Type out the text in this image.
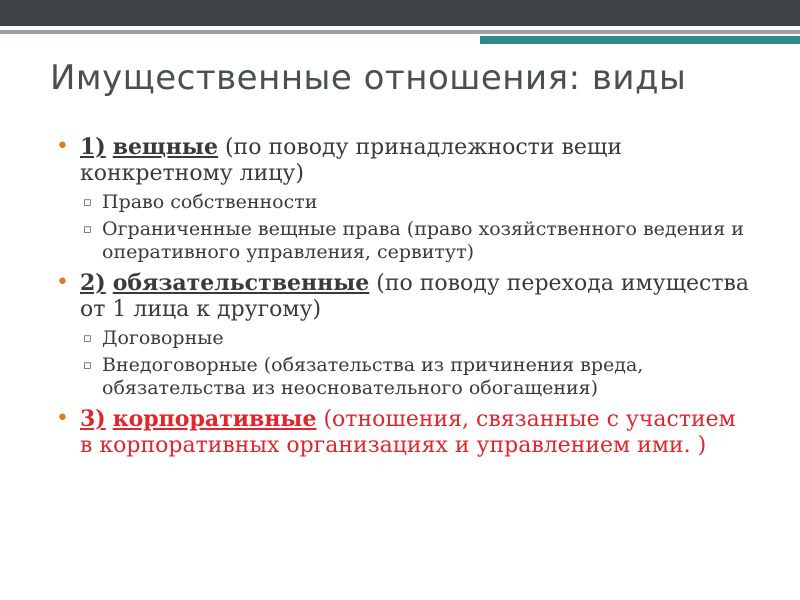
Имущественные отношения: виды
• 1) вещные (по поводу принадлежности вещи конкретному лицу)
▫ Право собственности
▫ Ограниченные вещные права (право хозяйственного ведения и оперативного управления, сервитут)
• 2) обязательственные (по поводу перехода имущества от 1 лица к другому)
▫ Договорные
▫ Внедоговорные (обязательства из причинения вреда, обязательства из неосновательного обогащения)
• 3) корпоративные (отношения, связанные с участием в корпоративных организациях и управлением ими. )
